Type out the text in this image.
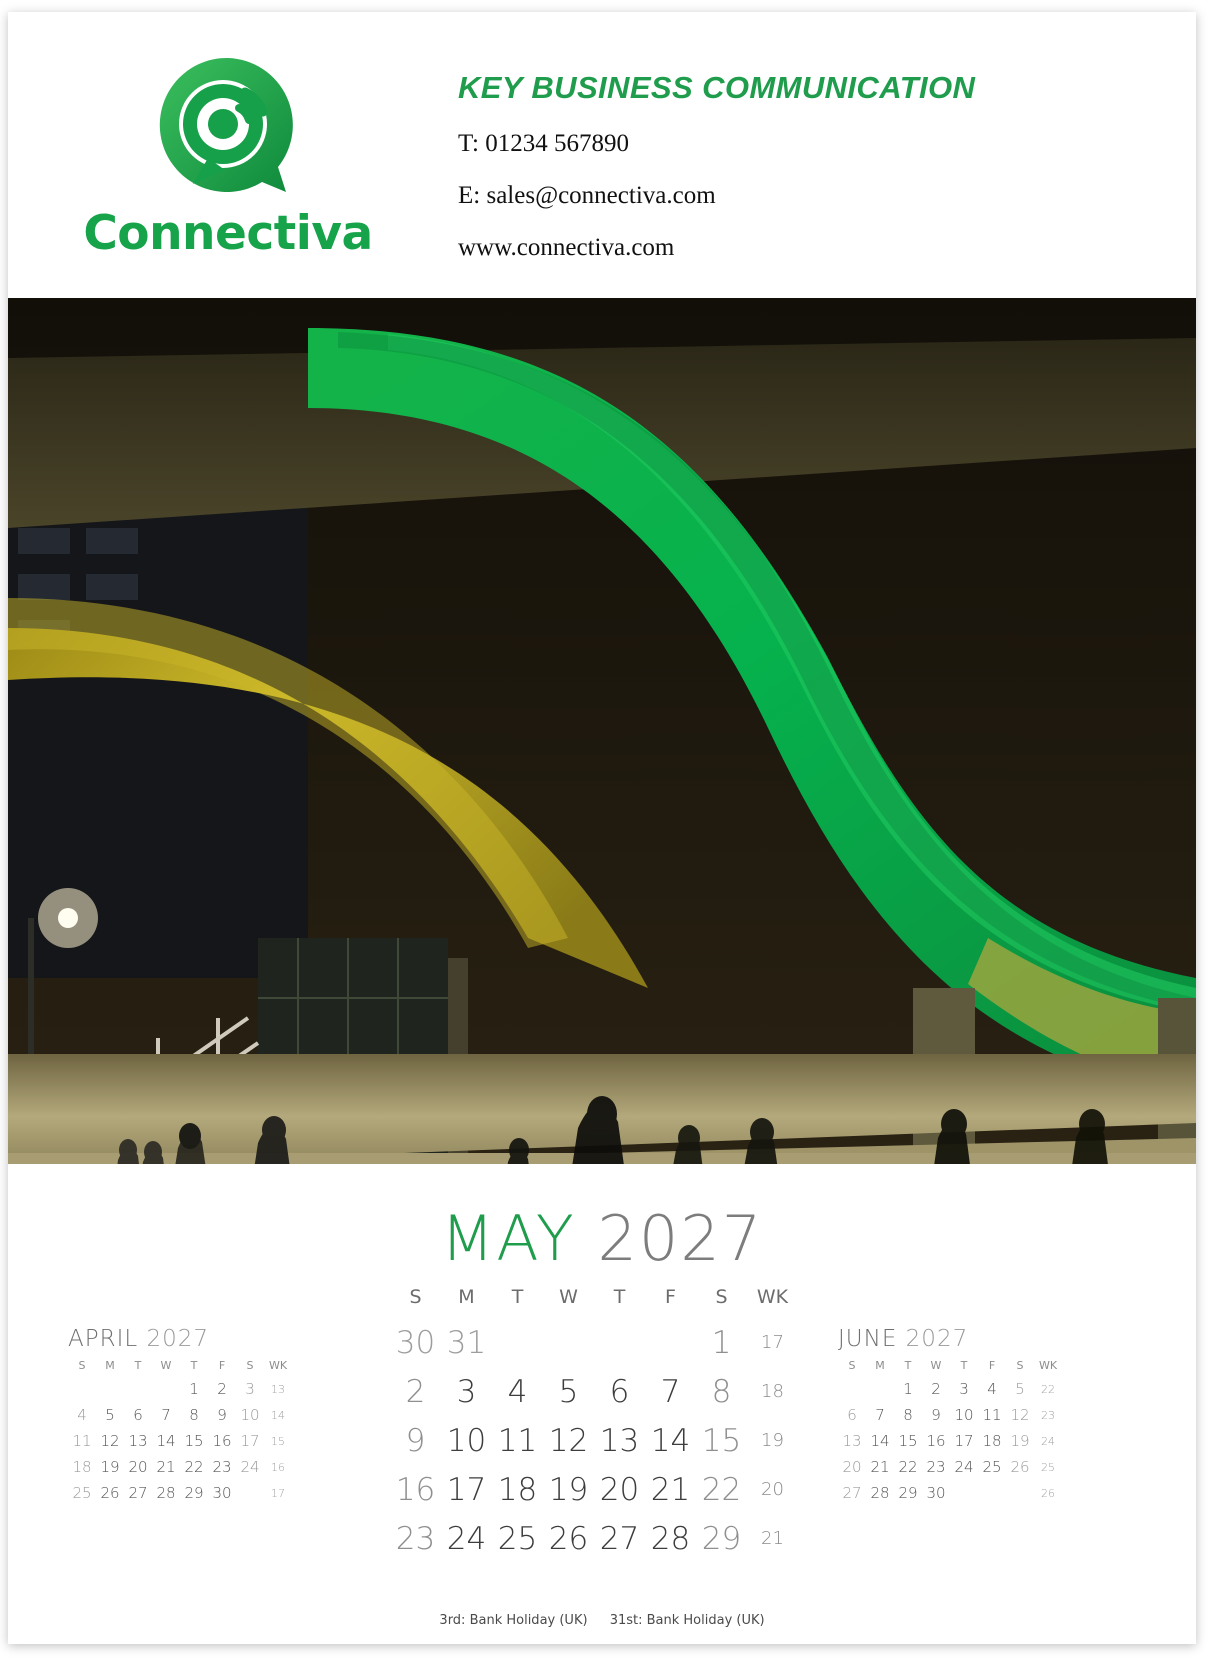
Connectiva
KEY BUSINESS COMMUNICATION
T: 01234 567890
E: sales@connectiva.com
www.connectiva.com
MAY 2027
S	M	T	W	T	F	S	WK
30	31					1	17
2	3	4	5	6	7	8	18
9	10	11	12	13	14	15	19
16	17	18	19	20	21	22	20
23	24	25	26	27	28	29	21
3rd: Bank Holiday (UK) 31st: Bank Holiday (UK)
APRIL 2027
S	M	T	W	T	F	S	WK
				1	2	3	13
4	5	6	7	8	9	10	14
11	12	13	14	15	16	17	15
18	19	20	21	22	23	24	16
25	26	27	28	29	30		17
JUNE 2027
S	M	T	W	T	F	S	WK
		1	2	3	4	5	22
6	7	8	9	10	11	12	23
13	14	15	16	17	18	19	24
20	21	22	23	24	25	26	25
27	28	29	30				26
